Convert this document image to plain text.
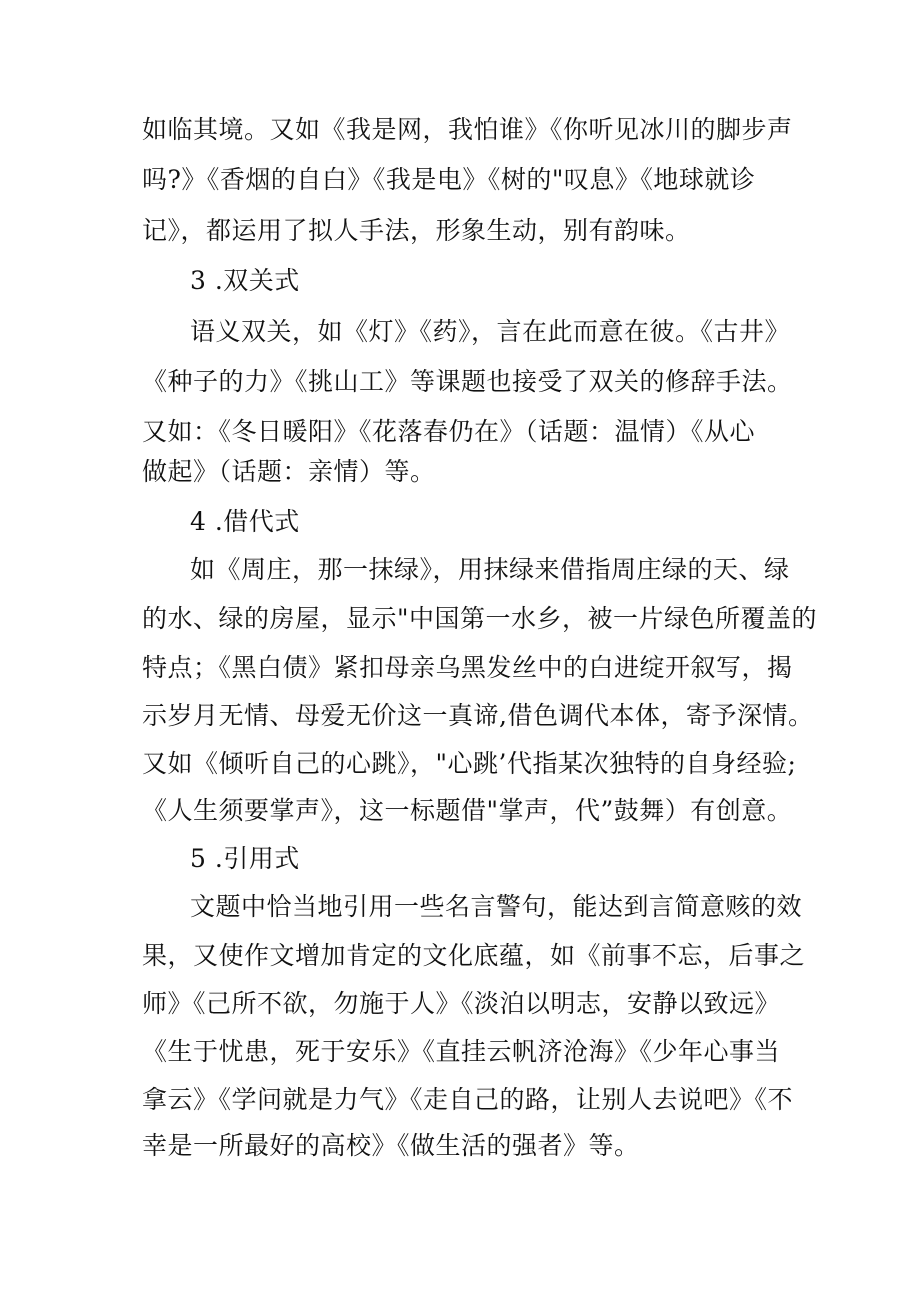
如临其境。又如《我是网，我怕谁》《你听见冰川的脚步声
吗?》《香烟的自白》《我是电》《树的"叹息》《地球就诊
记》，都运用了拟人手法，形象生动，别有韵味。
3 .双关式
语义双关，如《灯》《药》，言在此而意在彼。《古井》
《种子的力》《挑山工》等课题也接受了双关的修辞手法。
又如：《冬日暖阳》《花落春仍在》（话题：温情）《从心
做起》（话题：亲情）等。
4 .借代式
如《周庄，那一抹绿》，用抹绿来借指周庄绿的天、绿
的水、绿的房屋，显示"中国第一水乡，被一片绿色所覆盖的
特点；《黑白债》紧扣母亲乌黑发丝中的白进绽开叙写，揭
示岁月无情、母爱无价这一真谛,借色调代本体，寄予深情。
又如《倾听自己的心跳》，"心跳’代指某次独特的自身经验;
《人生须要掌声》，这一标题借"掌声，代”鼓舞）有创意。
5 .引用式
文题中恰当地引用一些名言警句，能达到言简意赅的效
果，又使作文增加肯定的文化底蕴，如《前事不忘，后事之
师》《己所不欲，勿施于人》《淡泊以明志，安静以致远》
《生于忧患，死于安乐》《直挂云帆济沧海》《少年心事当
拿云》《学问就是力气》《走自己的路，让别人去说吧》《不
幸是一所最好的高校》《做生活的强者》等。
